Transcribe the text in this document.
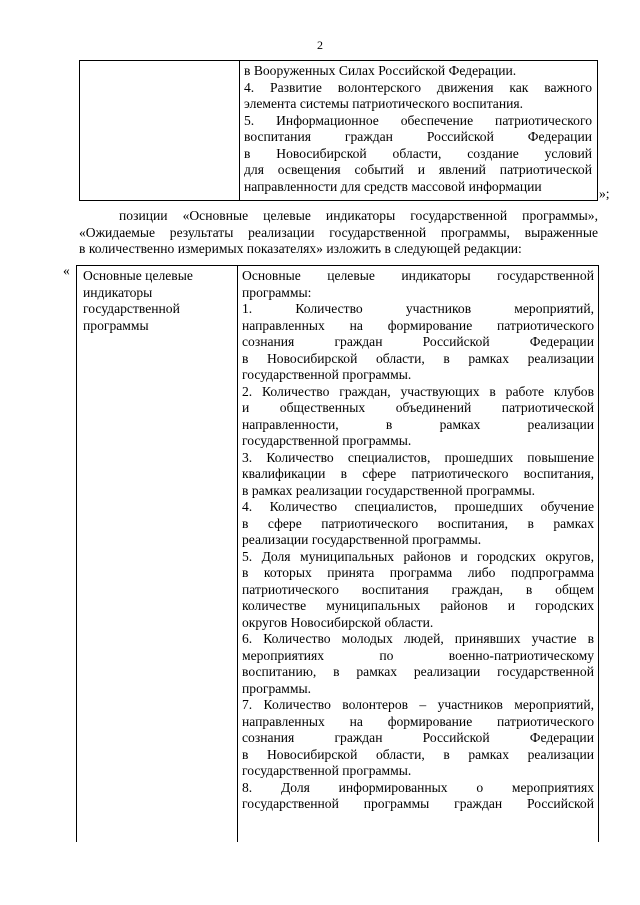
2

в Вооруженных Силах Российской Федерации.

4. Развитие волонтерского движения как важного

элемента системы патриотического воспитания.

5. Информационное обеспечение патриотического

воспитания граждан Российской Федерации

в Новосибирской области, создание условий

для освещения событий и явлений патриотической

направленности для средств массовой информации	»;

позиции «Основные целевые индикаторы государственной программы»,

«Ожидаемые результаты реализации государственной программы, выраженные

в количественно измеримых показателях» изложить в следующей редакции:

« Основные целевые

индикаторы

государственной

программы

Основные целевые индикаторы государственной

программы:

1. Количество участников мероприятий,

направленных на формирование патриотического

сознания граждан Российской Федерации

в Новосибирской области, в рамках реализации

государственной программы.

2. Количество граждан, участвующих в работе клубов

и общественных объединений патриотической

направленности, в рамках реализации

государственной программы.

3. Количество специалистов, прошедших повышение

квалификации в сфере патриотического воспитания,

в рамках реализации государственной программы.

4. Количество специалистов, прошедших обучение

в сфере патриотического воспитания, в рамках

реализации государственной программы.

5. Доля муниципальных районов и городских округов,

в которых принята программа либо подпрограмма

патриотического воспитания граждан, в общем

количестве муниципальных районов и городских

округов Новосибирской области.

6. Количество молодых людей, принявших участие в

мероприятиях по военно-патриотическому

воспитанию, в рамках реализации государственной

программы.

7. Количество волонтеров – участников мероприятий,

направленных на формирование патриотического

сознания граждан Российской Федерации

в Новосибирской области, в рамках реализации

государственной программы.

8. Доля информированных о мероприятиях

государственной программы граждан Российской
